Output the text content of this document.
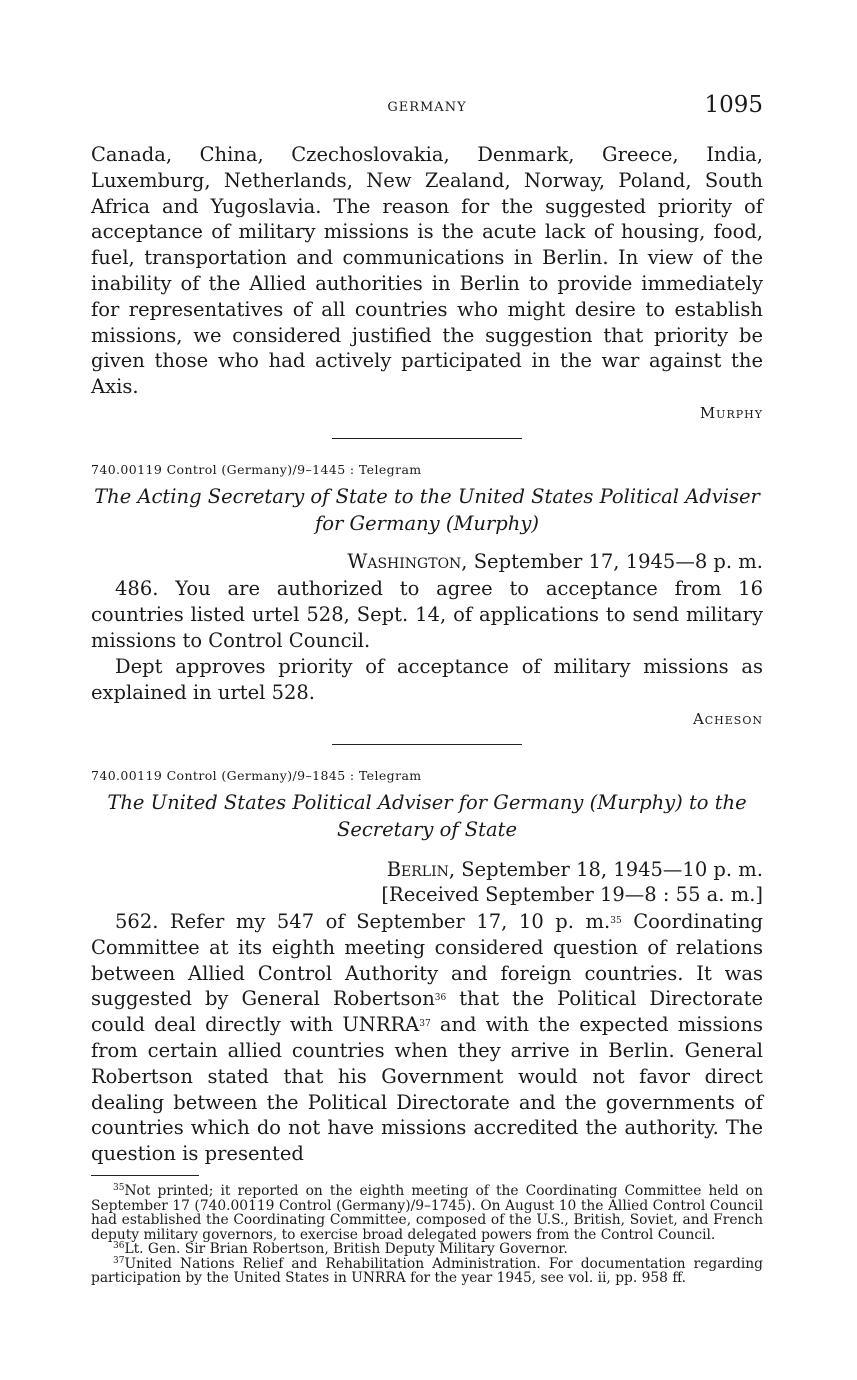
GERMANY	1095

Canada, China, Czechoslovakia, Denmark, Greece, India, Luxemburg, Netherlands, New Zealand, Norway, Poland, South Africa and Yugoslavia. The reason for the suggested priority of acceptance of military missions is the acute lack of housing, food, fuel, transportation and communications in Berlin. In view of the inability of the Allied authorities in Berlin to provide immediately for representatives of all countries who might desire to establish missions, we considered justified the suggestion that priority be given those who had actively participated in the war against the Axis.

Murphy

740.00119 Control (Germany)/9–1445 : Telegram

The Acting Secretary of State to the United States Political Adviser for Germany (Murphy)

Washington, September 17, 1945—8 p. m.

486. You are authorized to agree to acceptance from 16 countries listed urtel 528, Sept. 14, of applications to send military missions to Control Council.

Dept approves priority of acceptance of military missions as explained in urtel 528.

Acheson

740.00119 Control (Germany)/9–1845 : Telegram

The United States Political Adviser for Germany (Murphy) to the Secretary of State

Berlin, September 18, 1945—10 p. m.
[Received September 19—8 : 55 a. m.]

562. Refer my 547 of September 17, 10 p. m.$^{35}$ Coordinating Committee at its eighth meeting considered question of relations between Allied Control Authority and foreign countries. It was suggested by General Robertson$^{36}$ that the Political Directorate could deal directly with UNRRA$^{37}$ and with the expected missions from certain allied countries when they arrive in Berlin. General Robertson stated that his Government would not favor direct dealing between the Political Directorate and the governments of countries which do not have missions accredited the authority. The question is presented

$^{35}$Not printed; it reported on the eighth meeting of the Coordinating Committee held on September 17 (740.00119 Control (Germany)/9–1745). On August 10 the Allied Control Council had established the Coordinating Committee, composed of the U.S., British, Soviet, and French deputy military governors, to exercise broad delegated powers from the Control Council.

$^{36}$Lt. Gen. Sir Brian Robertson, British Deputy Military Governor.

$^{37}$United Nations Relief and Rehabilitation Administration. For documentation regarding participation by the United States in UNRRA for the year 1945, see vol. ii, pp. 958 ff.
